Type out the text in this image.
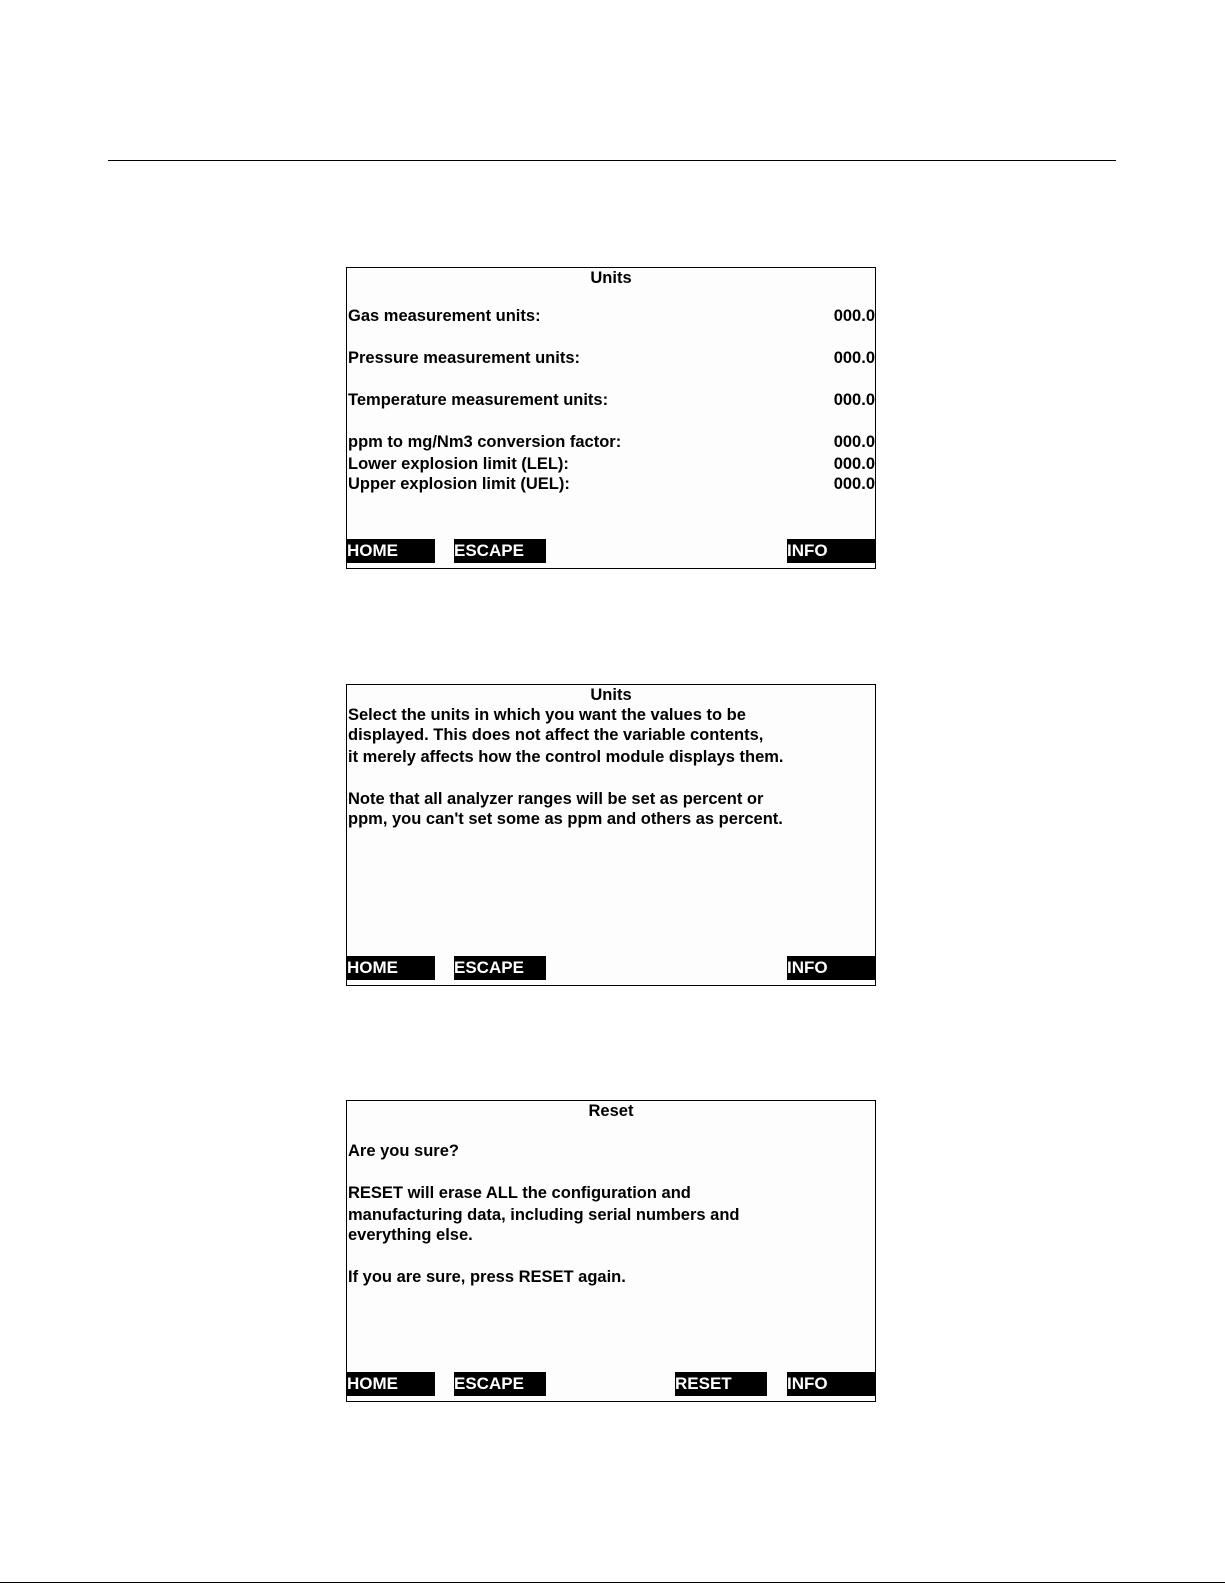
Units
Gas measurement units:	000.0
Pressure measurement units:	000.0
Temperature measurement units:	000.0
ppm to mg/Nm3 conversion factor:	000.0
Lower explosion limit (LEL):	000.0
Upper explosion limit (UEL):	000.0
HOME	ESCAPE	INFO
Units
Select the units in which you want the values to be
displayed. This does not affect the variable contents,
it merely affects how the control module displays them.
Note that all analyzer ranges will be set as percent or
ppm, you can't set some as ppm and others as percent.
HOME	ESCAPE	INFO
Reset
Are you sure?
RESET will erase ALL the configuration and
manufacturing data, including serial numbers and
everything else.
If you are sure, press RESET again.
HOME	ESCAPE	RESET	INFO
